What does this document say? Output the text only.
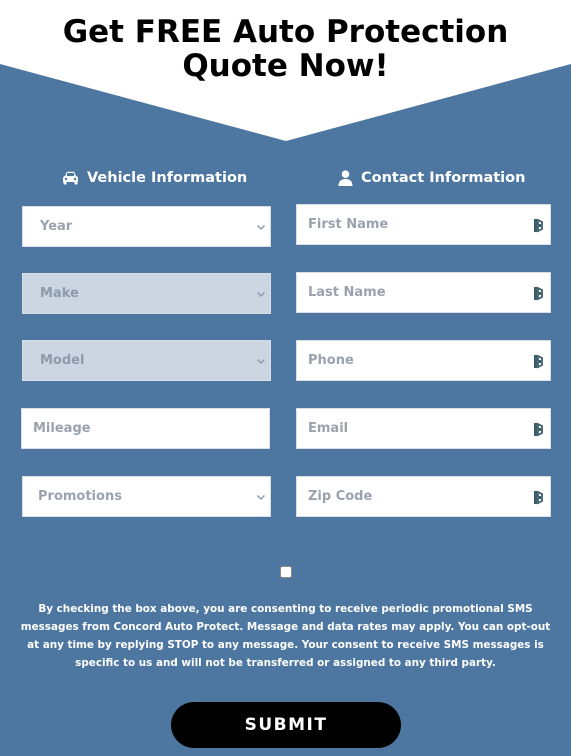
Get FREE Auto Protection
Quote Now!
Vehicle Information	Contact Information
Year
Make
Model
Mileage
Promotions
First Name
Last Name
Phone
Email
Zip Code
By checking the box above, you are consenting to receive periodic promotional SMS messages from Concord Auto Protect. Message and data rates may apply. You can opt-out at any time by replying STOP to any message. Your consent to receive SMS messages is specific to us and will not be transferred or assigned to any third party.
SUBMIT
